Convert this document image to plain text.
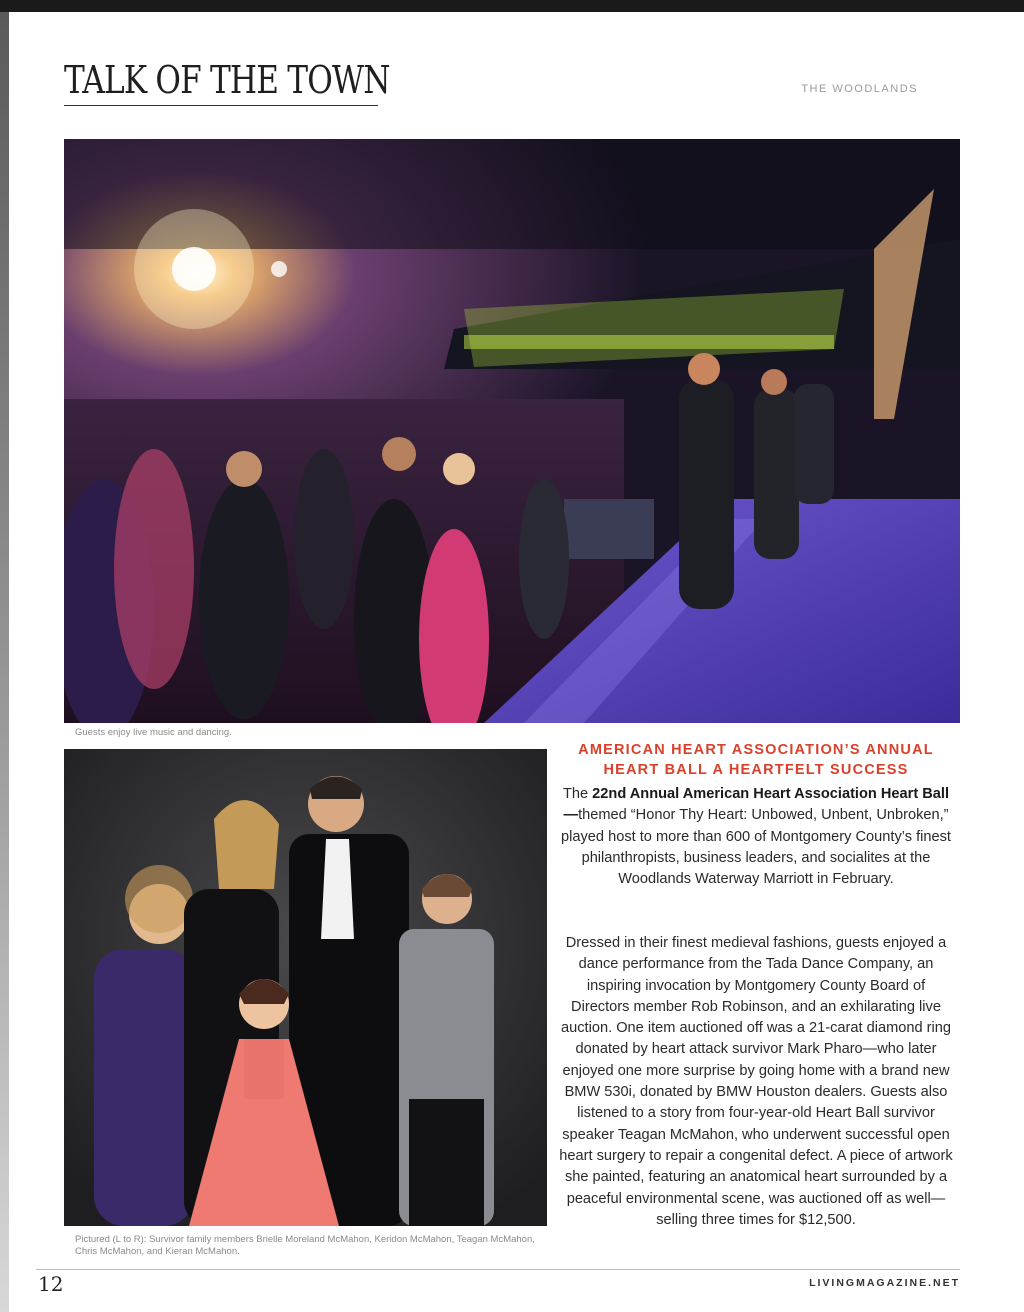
TALK OF THE TOWN	THE WOODLANDS
Guests enjoy live music and dancing.
Pictured (L to R): Survivor family members Brielle Moreland McMahon, Keridon McMahon, Teagan McMahon, Chris McMahon, and Kieran McMahon.
AMERICAN HEART ASSOCIATION’S ANNUAL HEART BALL A HEARTFELT SUCCESS

The 22nd Annual American Heart Association Heart Ball—themed “Honor Thy Heart: Unbowed, Unbent, Unbroken,” played host to more than 600 of Montgomery County’s finest philanthropists, business leaders, and socialites at the Woodlands Waterway Marriott in February.

Dressed in their finest medieval fashions, guests enjoyed a dance performance from the Tada Dance Company, an inspiring invocation by Montgomery County Board of Directors member Rob Robinson, and an exhilarating live auction. One item auctioned off was a 21-carat diamond ring donated by heart attack survivor Mark Pharo—who later enjoyed one more surprise by going home with a brand new BMW 530i, donated by BMW Houston dealers. Guests also listened to a story from four-year-old Heart Ball survivor speaker Teagan McMahon, who underwent successful open heart surgery to repair a congenital defect. A piece of artwork she painted, featuring an anatomical heart surrounded by a peaceful environmental scene, was auctioned off as well—selling three times for $12,500.

12	LIVINGMAGAZINE.NET
